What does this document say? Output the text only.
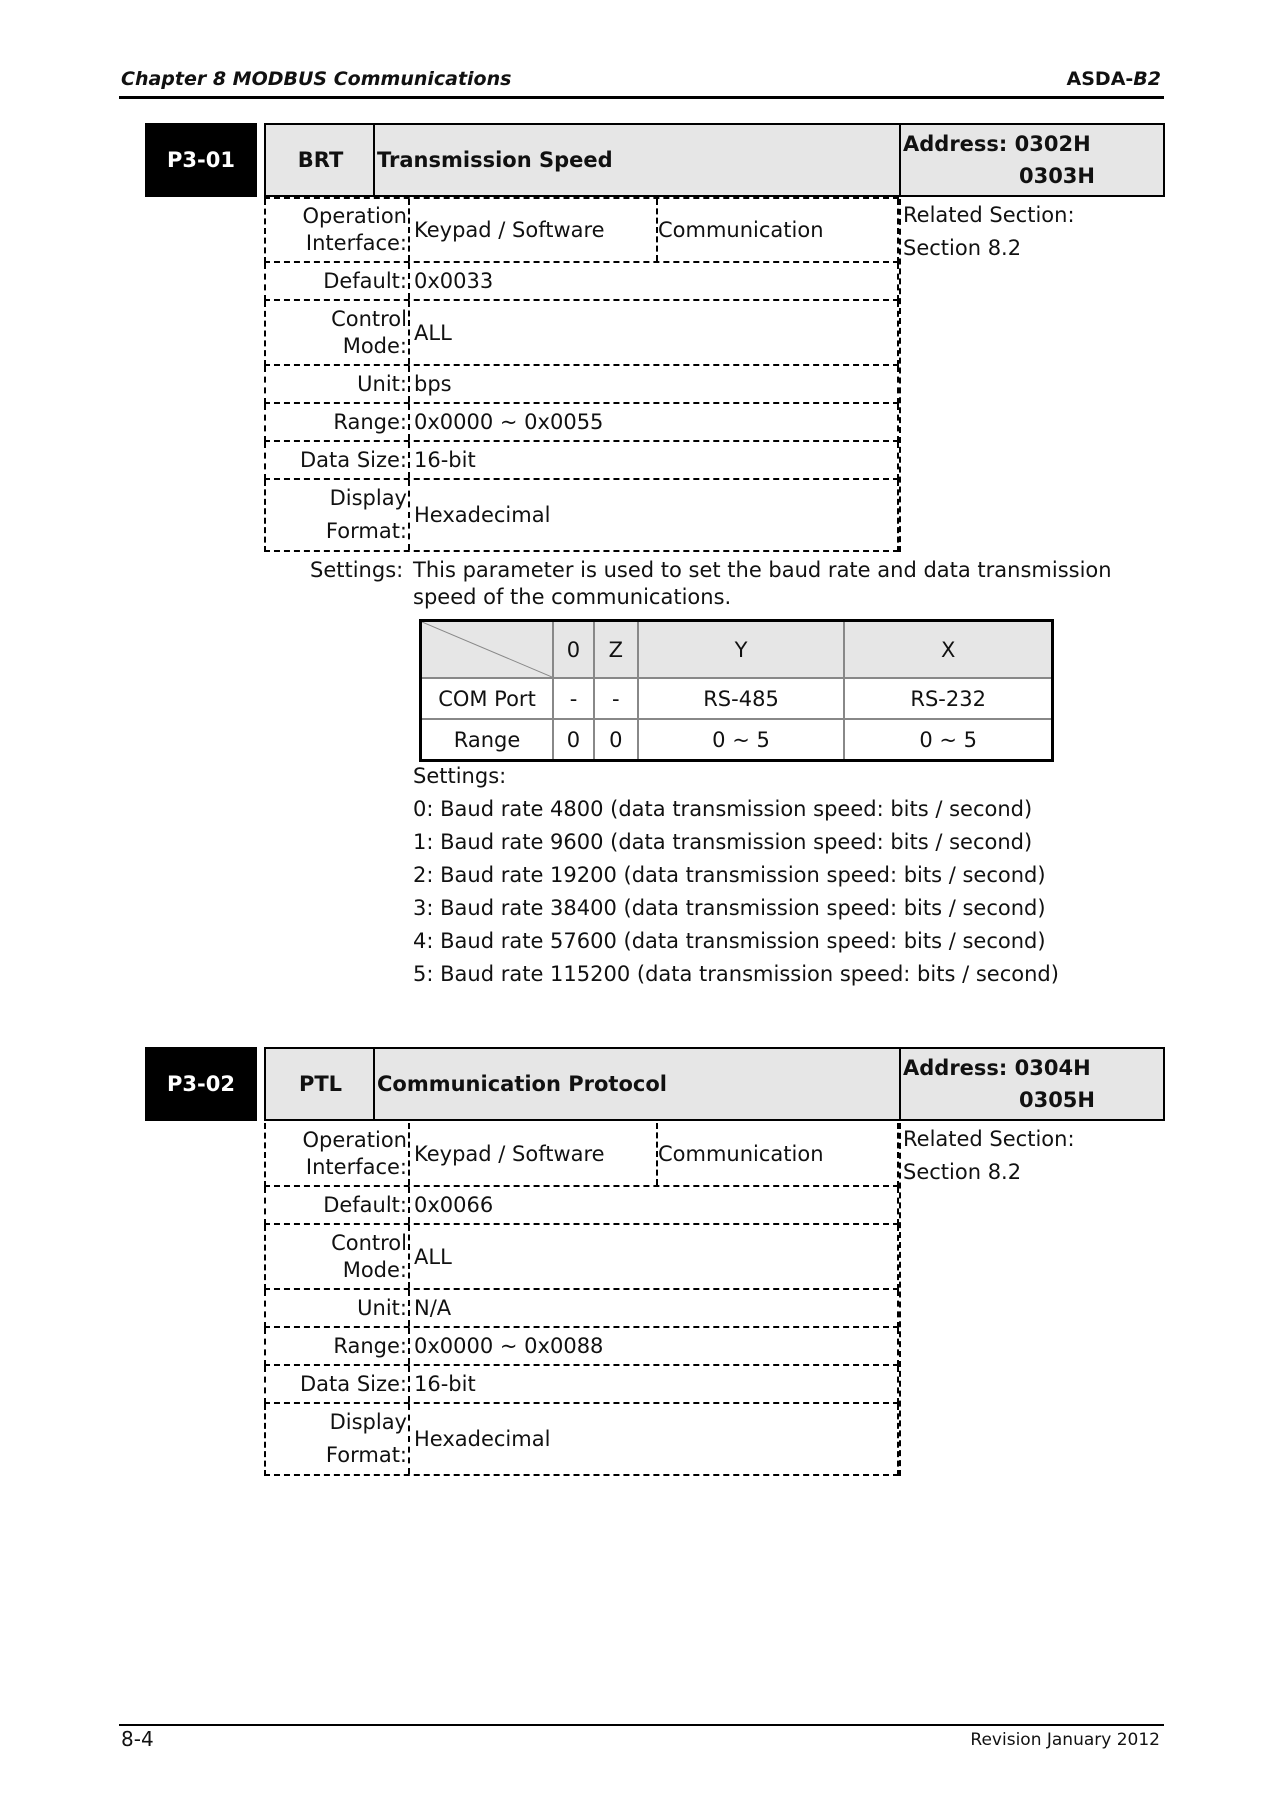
Chapter 8 MODBUS Communications	ASDA-B2
P3-01	BRT	Transmission Speed
Address: 0302H
0303H
Operation
Interface:
Keypad / Software	Communication
Default: 0x0033
Control
Mode:
ALL
Unit: bps
Range: 0x0000 ~ 0x0055
Data Size: 16-bit
Display
Format:
Hexadecimal
Related Section:
Section 8.2
Settings: This parameter is used to set the baud rate and data transmission
speed of the communications.
	0	Z	Y	X
COM Port	-	-	RS-485	RS-232
Range	0	0	0 ~ 5	0 ~ 5
Settings:
0: Baud rate 4800 (data transmission speed: bits / second)
1: Baud rate 9600 (data transmission speed: bits / second)
2: Baud rate 19200 (data transmission speed: bits / second)
3: Baud rate 38400 (data transmission speed: bits / second)
4: Baud rate 57600 (data transmission speed: bits / second)
5: Baud rate 115200 (data transmission speed: bits / second)
P3-02	PTL	Communication Protocol
Address: 0304H
0305H
Operation
Interface:
Keypad / Software	Communication
Default: 0x0066
Control
Mode:
ALL
Unit: N/A
Range: 0x0000 ~ 0x0088
Data Size: 16-bit
Display
Format:
Hexadecimal
Related Section:
Section 8.2
8-4	Revision January 2012
